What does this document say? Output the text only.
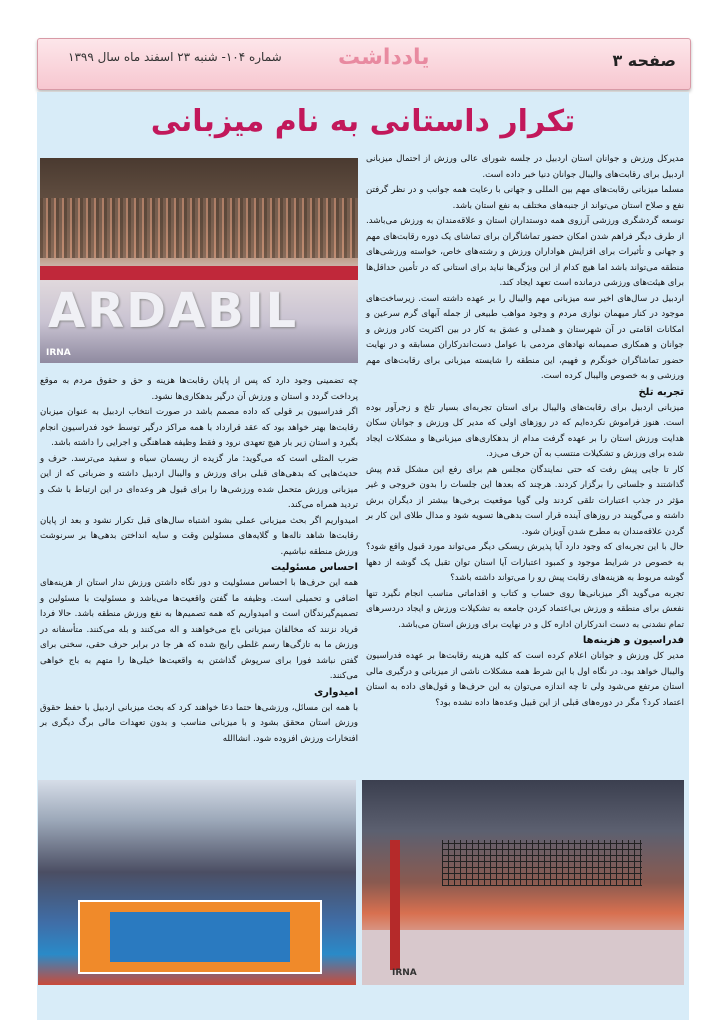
صفحه ۳
یادداشت
شماره ۱۰۴- شنبه ۲۳ اسفند ماه سال ۱۳۹۹
تکرار داستانی به نام میزبانی
ARDABIL
IRNA

مدیرکل ورزش و جوانان استان اردبیل در جلسه شورای عالی ورزش از احتمال میزبانی اردبیل برای رقابت‌های والیبال جوانان دنیا خبر داده است.

مسلما میزبانی رقابت‌های مهم بین المللی و جهانی با رعایت همه جوانب و در نظر گرفتن نفع و صلاح استان می‌تواند از جنبه‌های مختلف به نفع استان باشد.

توسعه گردشگری ورزشی آرزوی همه دوستداران استان و علاقه‌مندان به ورزش می‌باشد. از طرف دیگر فراهم شدن امکان حضور تماشاگران برای تماشای یک دوره رقابت‌های مهم و جهانی و تأثیرات برای افزایش هواداران ورزش و رشته‌های خاص، خواسته ورزشی‌های منطقه می‌تواند باشد اما هیچ کدام از این ویژگی‌ها نباید برای استانی که در تأمین حداقل‌ها برای هیئت‌های ورزشی درمانده است تعهد ایجاد کند.

اردبیل در سال‌های اخیر سه میزبانی مهم والیبال را بر عهده داشته است. زیرساخت‌های موجود در کنار میهمان نوازی مردم و وجود مواهب طبیعی از جمله آبهای گرم سرعین و امکانات اقامتی در آن شهرستان و همدلی و عشق به کار در بین اکثریت کادر ورزش و جوانان و همکاری صمیمانه نهادهای مردمی با عوامل دست‌اندرکاران مسابقه و در نهایت حضور تماشاگران خونگرم و فهیم، این منطقه را شایسته میزبانی برای رقابت‌های مهم ورزشی و به خصوص والیبال کرده است.

تجربه تلخ

میزبانی اردبیل برای رقابت‌های والیبال برای استان تجربه‌ای بسیار تلخ و زجرآور بوده است. هنوز فراموش نکرده‌ایم که در روزهای اولی که مدیر کل ورزش و جوانان سکان هدایت ورزش استان را بر عهده گرفت مدام از بدهکاری‌های میزبانی‌ها و مشکلات ایجاد شده برای ورزش و تشکیلات منتسب به آن حرف می‌زد.

کار تا جایی پیش رفت که حتی نمایندگان مجلس هم برای رفع این مشکل قدم پیش گذاشتند و جلساتی را برگزار کردند. هرچند که بعدها این جلسات را بدون خروجی و غیر مؤثر در جذب اعتبارات تلقی کردند ولی گویا موقعیت برخی‌ها بیشتر از دیگران برش داشته و می‌گویند در روزهای آینده قرار است بدهی‌ها تسویه شود و مدال طلای این کار بر گردن علاقه‌مندان به مطرح شدن آویزان شود.

حال با این تجربه‌ای که وجود دارد آیا پذیرش ریسکی دیگر می‌تواند مورد قبول واقع شود؟ به خصوص در شرایط موجود و کمبود اعتبارات آیا استان توان تقبل یک گوشه از دهها گوشه مربوط به هزینه‌های رقابت پیش رو را می‌تواند داشته باشد؟

تجربه می‌گوید اگر میزبانی‌ها روی حساب و کتاب و اقداماتی مناسب انجام نگیرد تنها نفعش برای منطقه و ورزش بی‌اعتماد کردن جامعه به تشکیلات ورزش و ایجاد دردسرهای تمام نشدنی به دست اندرکاران اداره کل و در نهایت برای ورزش استان می‌باشد.

فدراسیون و هزینه‌ها

مدیر کل ورزش و جوانان اعلام کرده است که کلیه هزینه رقابت‌ها بر عهده فدراسیون والیبال خواهد بود. در نگاه اول با این شرط همه مشکلات ناشی از میزبانی و درگیری مالی استان مرتفع می‌شود ولی تا چه اندازه می‌توان به این حرف‌ها و قول‌های داده به استان اعتماد کرد؟ مگر در دوره‌های قبلی از این قبیل وعده‌ها داده نشده بود؟

چه تضمینی وجود دارد که پس از پایان رقابت‌ها هزینه و حق و حقوق مردم به موقع پرداخت گردد و استان و ورزش آن درگیر بدهکاری‌ها نشود.

اگر فدراسیون بر قولی که داده مصمم باشد در صورت انتخاب اردبیل به عنوان میزبان رقابت‌ها بهتر خواهد بود که عقد قرارداد با همه مراکز درگیر توسط خود فدراسیون انجام بگیرد و استان زیر بار هیچ تعهدی نرود و فقط وظیفه هماهنگی و اجرایی را داشته باشد.

ضرب المثلی است که می‌گوید: مار گزیده از ریسمان سیاه و سفید می‌ترسد. حرف و حدیث‌هایی که بدهی‌های قبلی برای ورزش و والیبال اردبیل داشته و ضرباتی که از این میزبانی ورزش متحمل شده ورزشی‌ها را برای قبول هر وعده‌ای در این ارتباط با شک و تردید همراه می‌کند.

امیدواریم اگر بحث میزبانی عملی بشود اشتباه سال‌های قبل تکرار نشود و بعد از پایان رقابت‌ها شاهد ناله‌ها و گلایه‌های مسئولین وقت و سایه انداختن بدهی‌ها بر سرنوشت ورزش منطقه نباشیم.

احساس مسئولیت

همه این حرف‌ها با احساس مسئولیت و دور نگاه داشتن ورزش ندار استان از هزینه‌های اضافی و تحمیلی است. وظیفه ما گفتن واقعیت‌ها می‌باشد و مسئولیت با مسئولین و تصمیم‌گیرندگان است و امیدواریم که همه تصمیم‌ها به نفع ورزش منطقه باشد. حالا فردا فریاد نزنند که مخالفان میزبانی باج می‌خواهند و اله می‌کنند و بله می‌کنند. متأسفانه در ورزش ما به تازگی‌ها رسم غلطی رایج شده که هر جا در برابر حرف حقی، سخنی برای گفتن نباشد فورا برای سرپوش گذاشتن به واقعیت‌ها خیلی‌ها را متهم به باج خواهی می‌کنند.

امیدواری

با همه این مسائل، ورزشی‌ها حتما دعا خواهند کرد که بحث میزبانی اردبیل با حفظ حقوق ورزش استان محقق بشود و با میزبانی مناسب و بدون تعهدات مالی برگ دیگری بر افتخارات ورزش افزوده شود. انشاالله

IRNA
